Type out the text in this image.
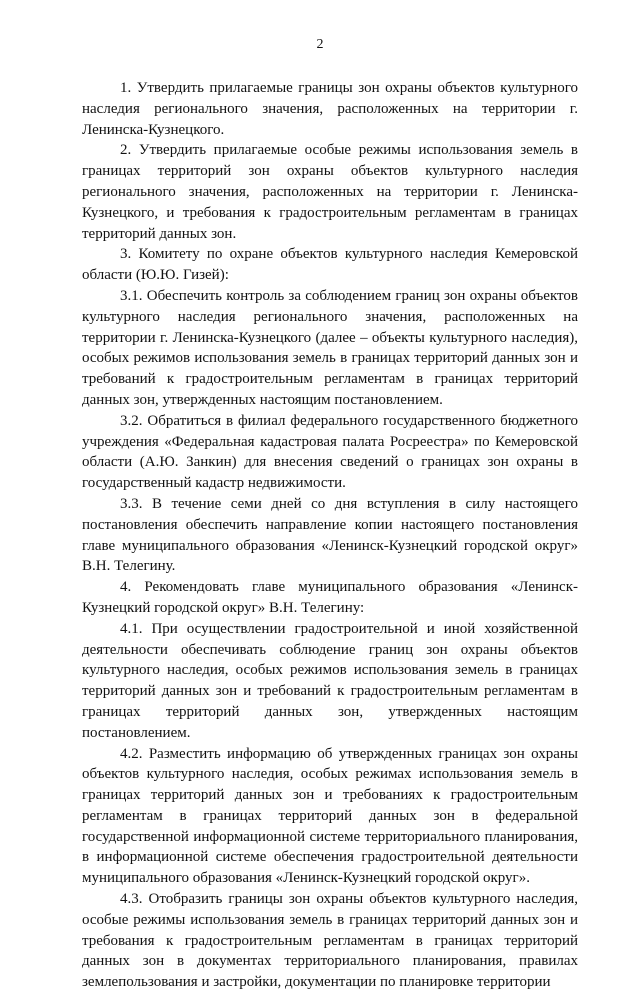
2

1. Утвердить прилагаемые границы зон охраны объектов культурного наследия регионального значения, расположенных на территории г. Ленинска-Кузнецкого.

2. Утвердить прилагаемые особые режимы использования земель в границах территорий зон охраны объектов культурного наследия регионального значения, расположенных на территории г. Ленинска-Кузнецкого, и требования к градостроительным регламентам в границах территорий данных зон.

3. Комитету по охране объектов культурного наследия Кемеровской области (Ю.Ю. Гизей):

3.1. Обеспечить контроль за соблюдением границ зон охраны объектов культурного наследия регионального значения, расположенных на территории г. Ленинска-Кузнецкого (далее – объекты культурного наследия), особых режимов использования земель в границах территорий данных зон и требований к градостроительным регламентам в границах территорий данных зон, утвержденных настоящим постановлением.

3.2. Обратиться в филиал федерального государственного бюджетного учреждения «Федеральная кадастровая палата Росреестра» по Кемеровской области (А.Ю. Занкин) для внесения сведений о границах зон охраны в государственный кадастр недвижимости.

3.3. В течение семи дней со дня вступления в силу настоящего постановления обеспечить направление копии настоящего постановления главе муниципального образования «Ленинск-Кузнецкий городской округ» В.Н. Телегину.

4. Рекомендовать главе муниципального образования «Ленинск-Кузнецкий городской округ» В.Н. Телегину:

4.1. При осуществлении градостроительной и иной хозяйственной деятельности обеспечивать соблюдение границ зон охраны объектов культурного наследия, особых режимов использования земель в границах территорий данных зон и требований к градостроительным регламентам в границах территорий данных зон, утвержденных настоящим постановлением.

4.2. Разместить информацию об утвержденных границах зон охраны объектов культурного наследия, особых режимах использования земель в границах территорий данных зон и требованиях к градостроительным регламентам в границах территорий данных зон в федеральной государственной информационной системе территориального планирования, в информационной системе обеспечения градостроительной деятельности муниципального образования «Ленинск-Кузнецкий городской округ».

4.3. Отобразить границы зон охраны объектов культурного наследия, особые режимы использования земель в границах территорий данных зон и требования к градостроительным регламентам в границах территорий данных зон в документах территориального планирования, правилах землепользования и застройки, документации по планировке территории
